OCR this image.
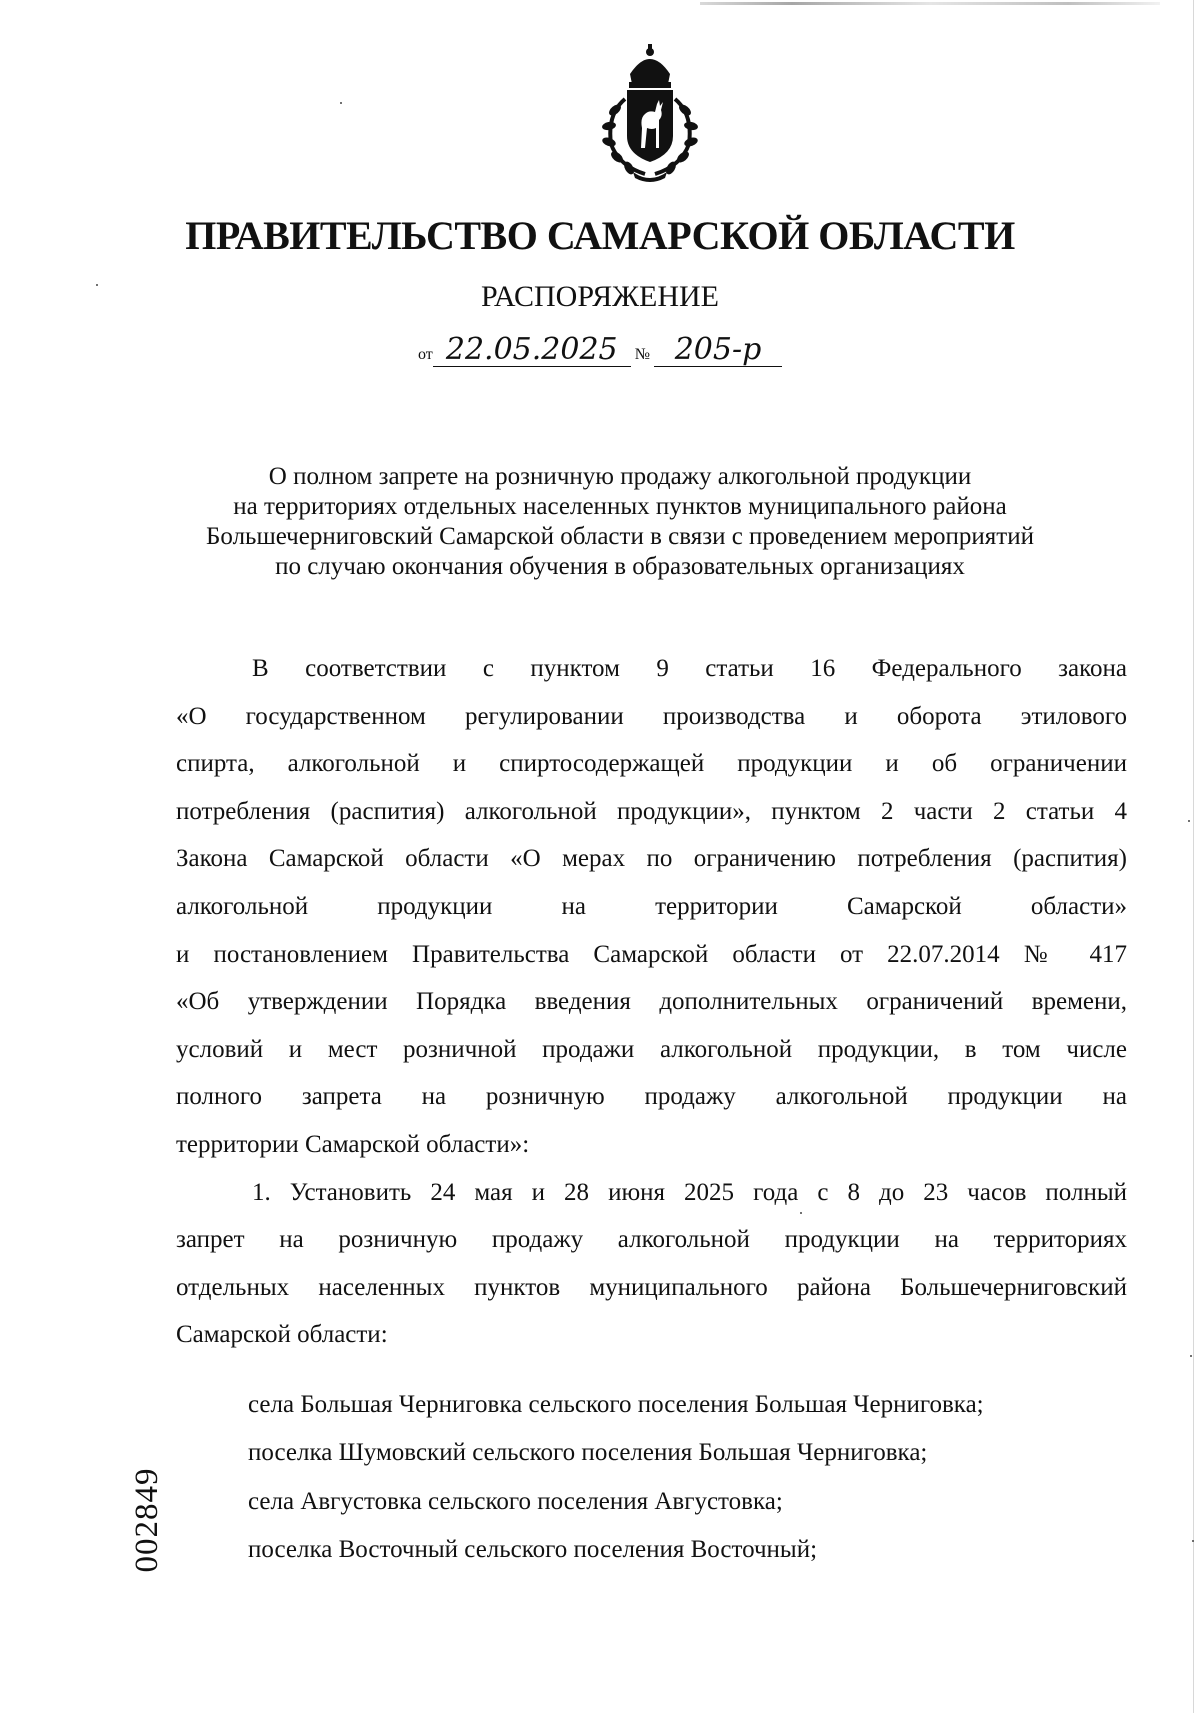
ПРАВИТЕЛЬСТВО САМАРСКОЙ ОБЛАСТИ
РАСПОРЯЖЕНИЕ
от 22.05.2025 № 205-р
О полном запрете на розничную продажу алкогольной продукции
на территориях отдельных населенных пунктов муниципального района
Большечерниговский Самарской области в связи с проведением мероприятий
по случаю окончания обучения в образовательных организациях
В соответствии с пунктом 9 статьи 16 Федерального закона
«О государственном регулировании производства и оборота этилового
спирта, алкогольной и спиртосодержащей продукции и об ограничении
потребления (распития) алкогольной продукции», пунктом 2 части 2 статьи 4
Закона Самарской области «О мерах по ограничению потребления (распития)
алкогольной продукции на территории Самарской области»
и постановлением Правительства Самарской области от 22.07.2014 № 417
«Об утверждении Порядка введения дополнительных ограничений времени,
условий и мест розничной продажи алкогольной продукции, в том числе
полного запрета на розничную продажу алкогольной продукции на
территории Самарской области»:
1. Установить 24 мая и 28 июня 2025 года с 8 до 23 часов полный
запрет на розничную продажу алкогольной продукции на территориях
отдельных населенных пунктов муниципального района Большечерниговский
Самарской области:
села Большая Черниговка сельского поселения Большая Черниговка;
поселка Шумовский сельского поселения Большая Черниговка;
села Августовка сельского поселения Августовка;
поселка Восточный сельского поселения Восточный;
002849
